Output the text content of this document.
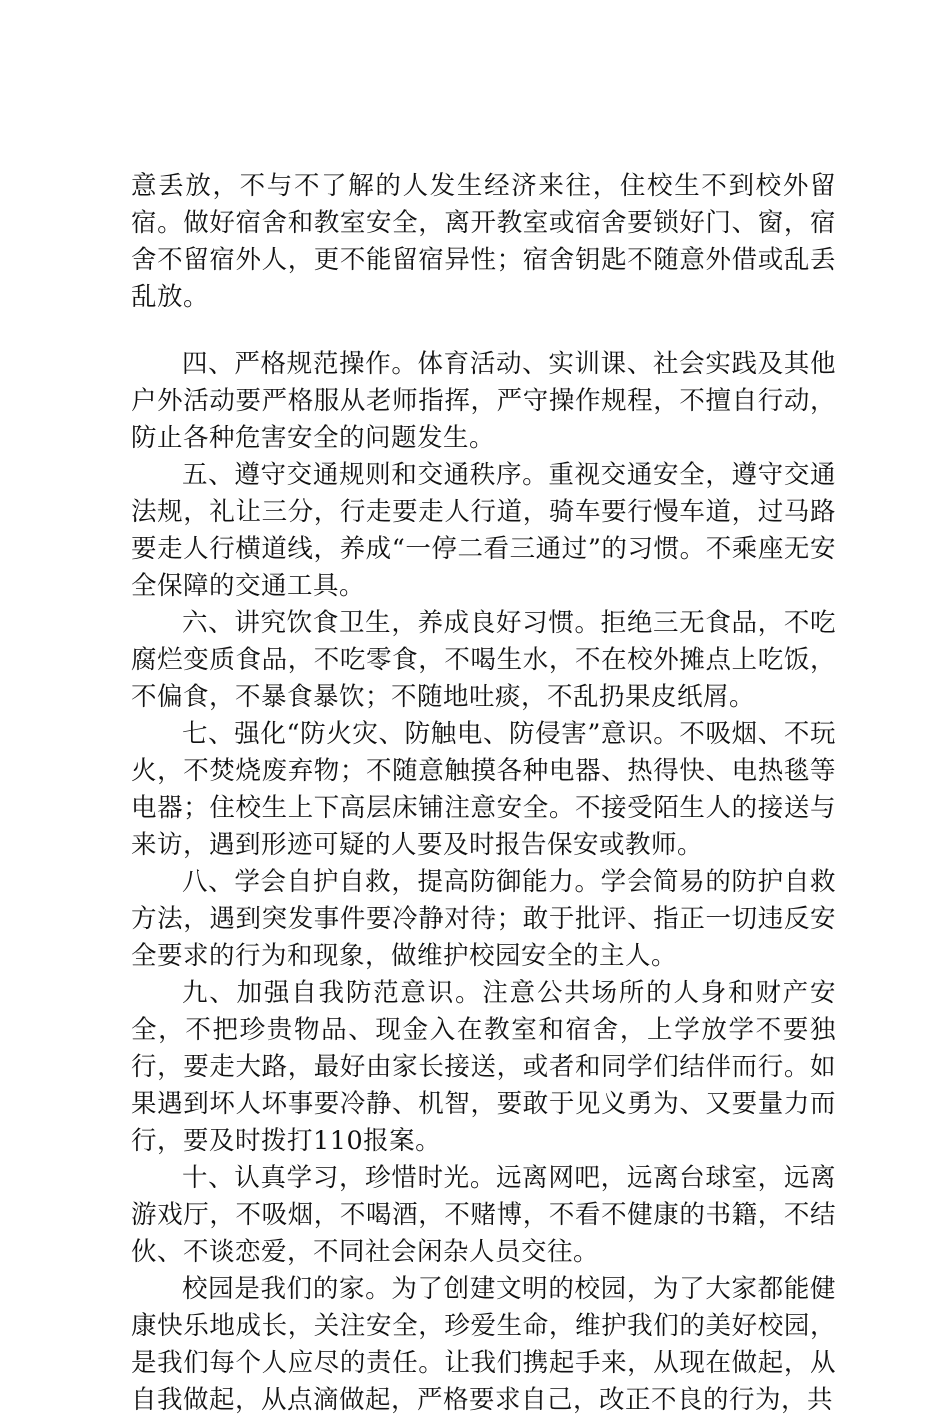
意丢放，不与不了解的人发生经济来往，住校生不到校外留宿。做好宿舍和教室安全，离开教室或宿舍要锁好门、窗，宿舍不留宿外人，更不能留宿异性；宿舍钥匙不随意外借或乱丢乱放。

四、严格规范操作。体育活动、实训课、社会实践及其他户外活动要严格服从老师指挥，严守操作规程，不擅自行动，防止各种危害安全的问题发生。

五、遵守交通规则和交通秩序。重视交通安全，遵守交通法规，礼让三分，行走要走人行道，骑车要行慢车道，过马路要走人行横道线，养成“一停二看三通过”的习惯。不乘座无安全保障的交通工具。

六、讲究饮食卫生，养成良好习惯。拒绝三无食品，不吃腐烂变质食品，不吃零食，不喝生水，不在校外摊点上吃饭，不偏食，不暴食暴饮；不随地吐痰，不乱扔果皮纸屑。

七、强化“防火灾、防触电、防侵害”意识。不吸烟、不玩火，不焚烧废弃物；不随意触摸各种电器、热得快、电热毯等电器；住校生上下高层床铺注意安全。不接受陌生人的接送与来访，遇到形迹可疑的人要及时报告保安或教师。

八、学会自护自救，提高防御能力。学会简易的防护自救方法，遇到突发事件要冷静对待；敢于批评、指正一切违反安全要求的行为和现象，做维护校园安全的主人。

九、加强自我防范意识。注意公共场所的人身和财产安全，不把珍贵物品、现金入在教室和宿舍，上学放学不要独行，要走大路，最好由家长接送，或者和同学们结伴而行。如果遇到坏人坏事要冷静、机智，要敢于见义勇为、又要量力而行，要及时拨打110报案。

十、认真学习，珍惜时光。远离网吧，远离台球室，远离游戏厅，不吸烟，不喝酒，不赌博，不看不健康的书籍，不结伙、不谈恋爱，不同社会闲杂人员交往。

校园是我们的家。为了创建文明的校园，为了大家都能健康快乐地成长，关注安全，珍爱生命，维护我们的美好校园，是我们每个人应尽的责任。让我们携起手来，从现在做起，从自我做起，从点滴做起，严格要求自己，改正不良的行为，共
